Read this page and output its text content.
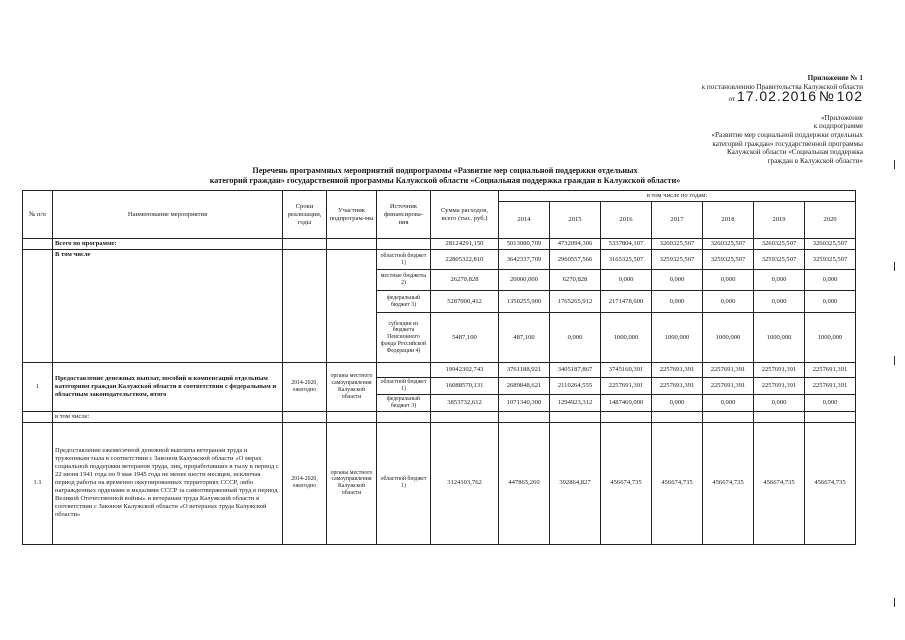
Приложение № 1
к постановлению Правительства Калужской области
от 17.02.2016 № 102
«Приложение
к подпрограмме
«Развитие мер социальной поддержки отдельных
категорий граждан» государственной программы
Калужской области «Социальная поддержка
граждан в Калужской области»
Перечень программных мероприятий подпрограммы «Развитие мер социальной поддержки отдельных
категорий граждан» государственной программы Калужской области «Социальная поддержка граждан в Калужской области»
№ п/п	Наименование мероприятия	Сроки реализации, годы	Участник подпрограм-мы	Источник финансирова-ния	Сумма расходов, всего (тыс. руб.)	в том числе по годам:						
						2014	2015	2016	2017	2018	2019	2020
	Всего по программе:				28124291,150	5013080,709	4732094,306	5337804,107	3260325,507	3260325,507	3260325,507	3260325,507
	В том числе			областной бюджет 1)	22805322,810	3642337,709	2960557,566	3165325,507	3259325,507	3259325,507	3259325,507	3259325,507
				местные бюджеты 2)	26270,828	20000,000	6270,828	0,000	0,000	0,000	0,000	0,000
				федеральный бюджет 3)	5287000,412	1350255,900	1765265,912	2171478,600	0,000	0,000	0,000	0,000
				субсидии из бюджета Пенсионного фонда Российской Федерации 4)	5487,100	487,100	0,000	1000,000	1000,000	1000,000	1000,000	1000,000
1	Предоставление денежных выплат, пособий и компенсаций отдельным категориям граждан Калужской области в соответствии с федеральным и областным законодательством, итого	2014-2020, ежегодно	органы местного самоуправления Калужской области		19942302,743	3761188,921	3405187,867	3745160,391	2257691,391	2257691,391	2257691,391	2257691,391
				областной бюджет 1)	16088570,131	2689848,621	2110264,555	2257691,391	2257691,391	2257691,391	2257691,391	2257691,391
				федеральный бюджет 3)	3853732,612	1071340,300	1294923,312	1487469,000	0,000	0,000	0,000	0,000
	в том числе:											
1.1	Предоставление ежемесячной денежной выплаты ветеранам труда и труженикам тыла в соответствии с Законом Калужской области «О мерах социальной поддержки ветеранов труда, лиц, проработавших в тылу в период с 22 июня 1941 года по 9 мая 1945 года не менее шести месяцев, исключая период работы на временно оккупированных территориях СССР, либо награжденных орденами и медалями СССР за самоотверженный труд в период Великой Отечественной войны» и ветеранам труда Калужской области в соответствии с Законом Калужской области «О ветеранах труда Калужской области»	2014-2020, ежегодно	органы местного самоуправления Калужской области	областной бюджет 1)	3124103,762	447865,260	392864,827	456674,735	456674,735	456674,735	456674,735	456674,735
